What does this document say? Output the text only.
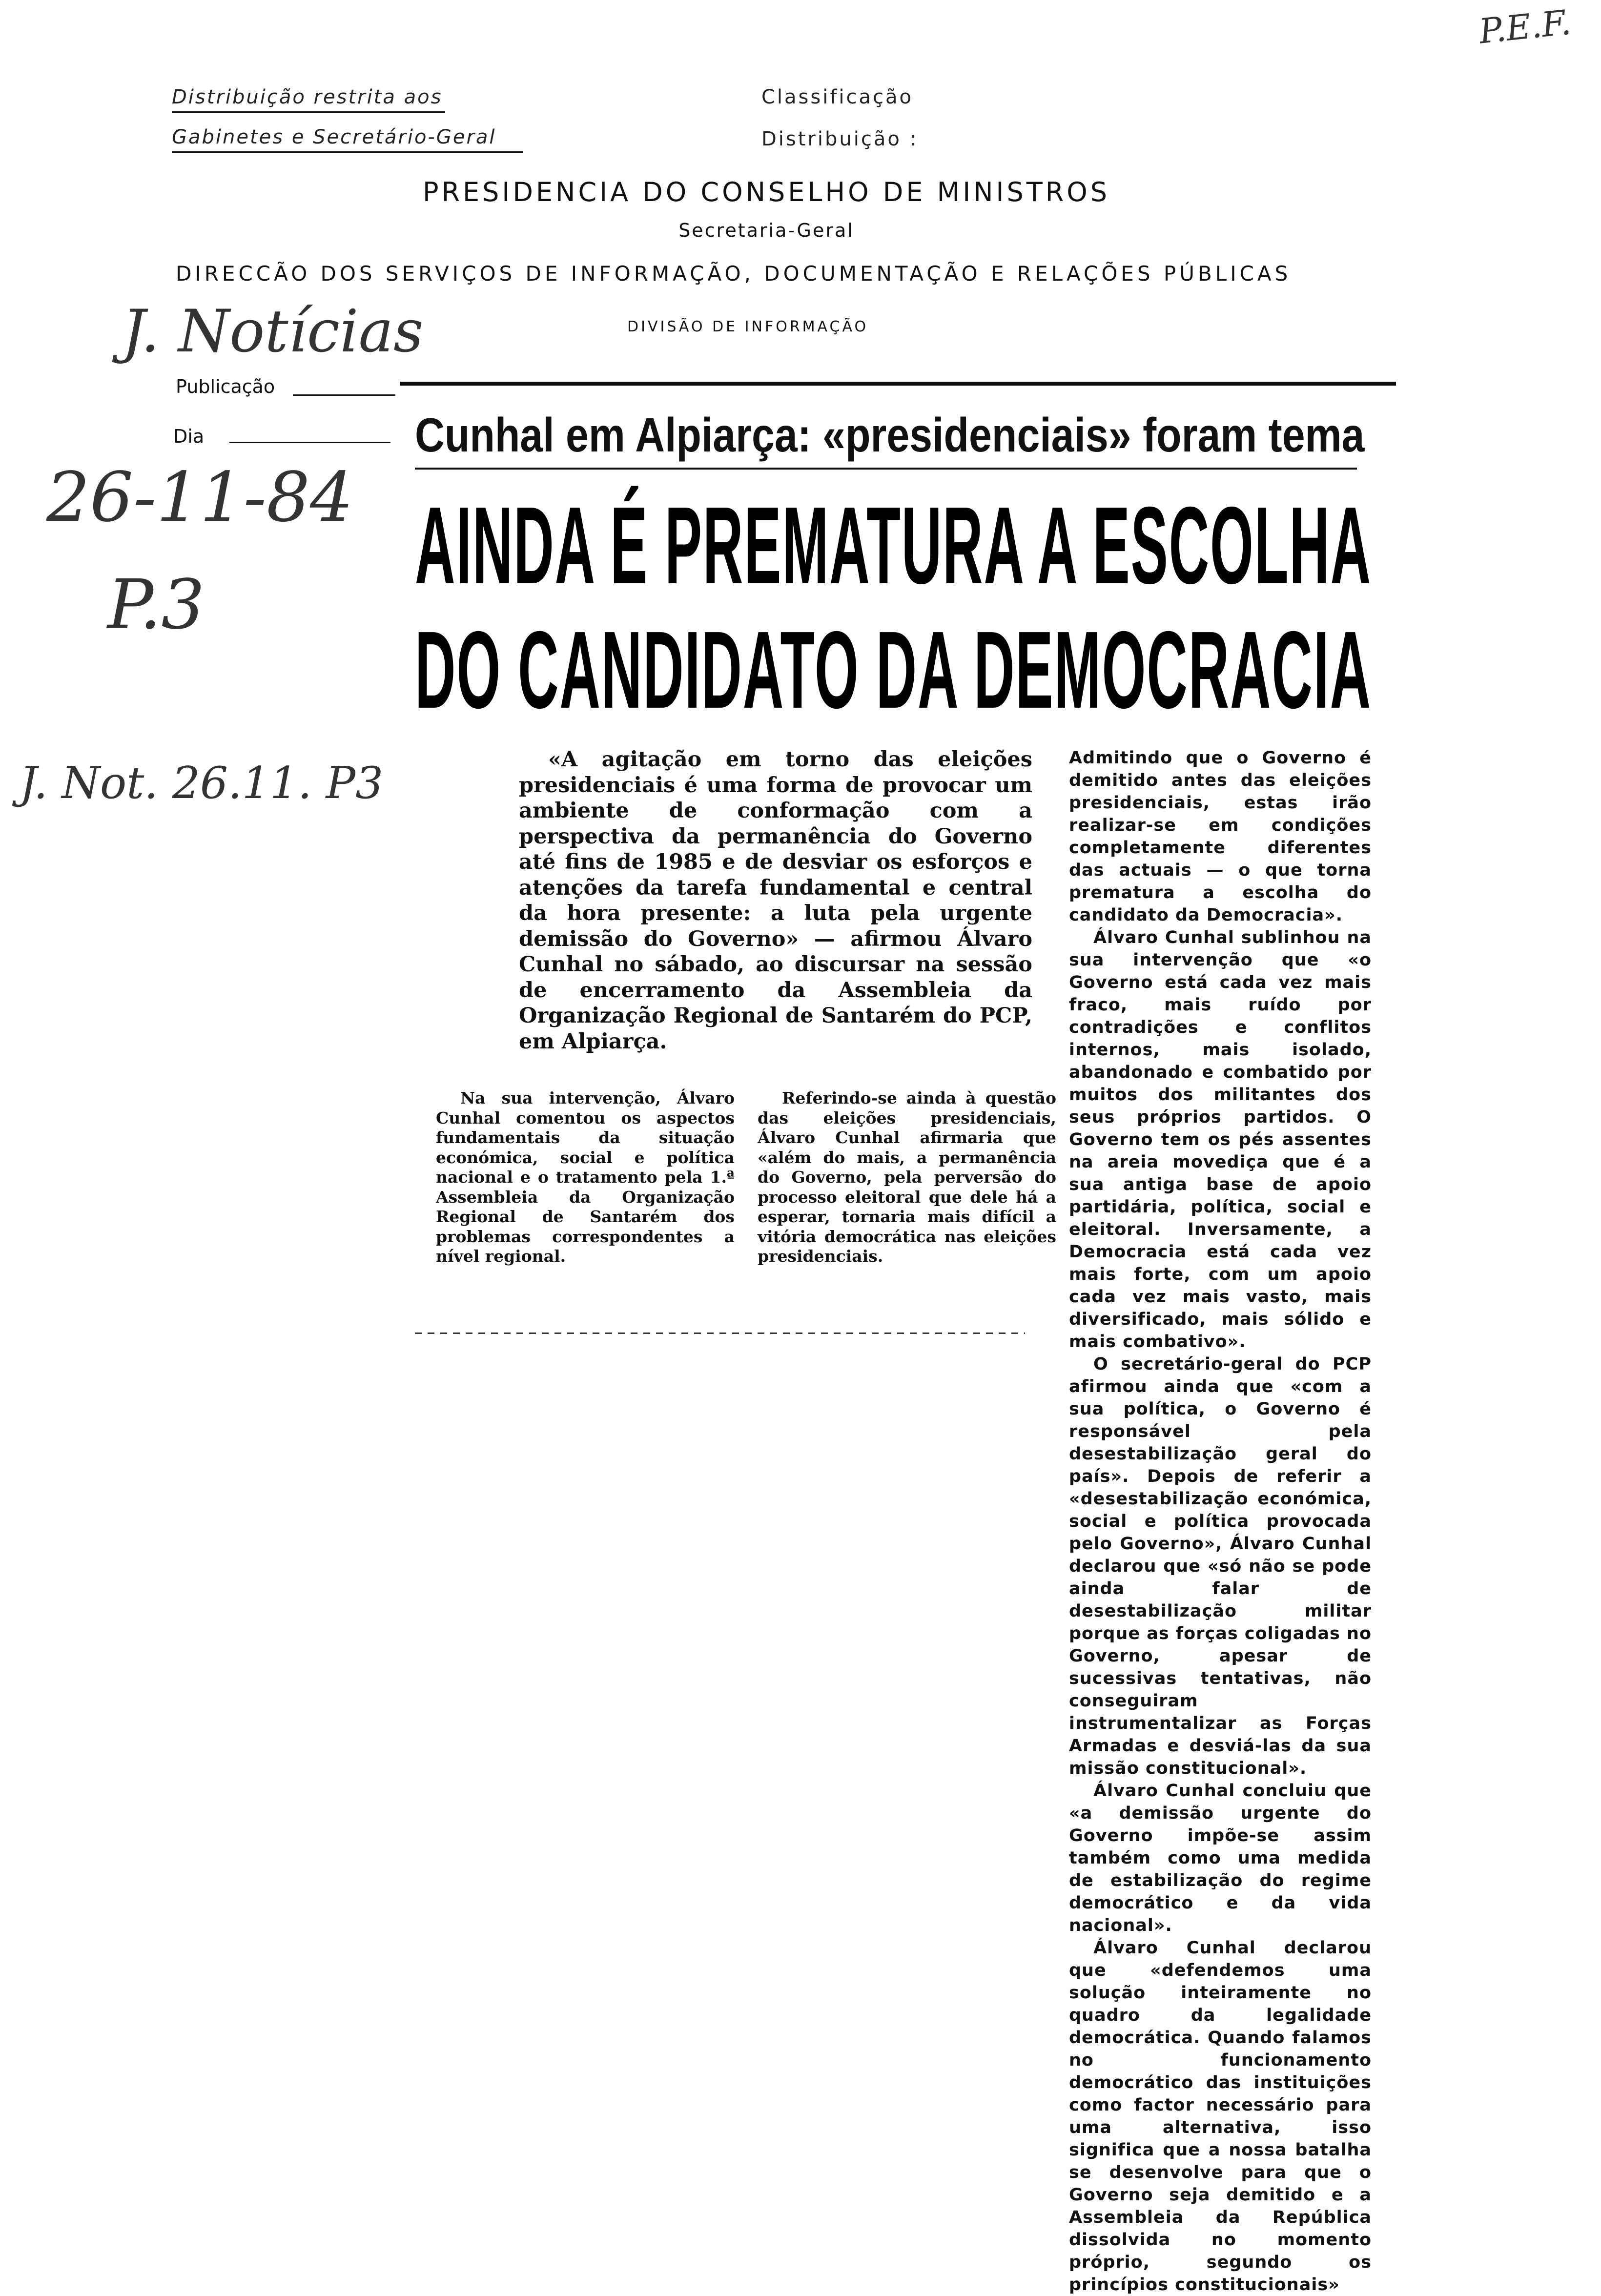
Distribuição restrita aos
Gabinetes e Secretário-Geral
Classificação
Distribuição :
P.E.F.
PRESIDENCIA DO CONSELHO DE MINISTROS
Secretaria-Geral
DIRECCÃO DOS SERVIÇOS DE INFORMAÇÃO, DOCUMENTAÇÃO E RELAÇÕES PÚBLICAS
DIVISÃO DE INFORMAÇÃO
J. Notícias
Publicação
Dia
26-11-84
P.3
J. Not. 26.11. P3
Cunhal em Alpiarça: «presidenciais» foram tema
AINDA É PREMATURA A ESCOLHA
DO CANDIDATO DA DEMOCRACIA
«A agitação em torno das eleições presidenciais é uma forma de provocar um ambiente de conformação com a perspectiva da permanência do Governo até fins de 1985 e de desviar os esforços e atenções da tarefa fundamental e central da hora presente: a luta pela urgente demissão do Governo» — afirmou Álvaro Cunhal no sábado, ao discursar na sessão de encerramento da Assembleia da Organização Regional de Santarém do PCP, em Alpiarça.
Na sua intervenção, Álvaro Cunhal comentou os aspectos fundamentais da situação económica, social e política nacional e o tratamento pela 1.ª Assembleia da Organização Regional de Santarém dos problemas correspondentes a nível regional.
Referindo-se ainda à questão das eleições presidenciais, Álvaro Cunhal afirmaria que «além do mais, a permanência do Governo, pela perversão do processo eleitoral que dele há a esperar, tornaria mais difícil a vitória democrática nas eleições presidenciais.

Admitindo que o Governo é demitido antes das eleições presidenciais, estas irão realizar-se em condições completamente diferentes das actuais — o que torna prematura a escolha do candidato da Democracia».

Álvaro Cunhal sublinhou na sua intervenção que «o Governo está cada vez mais fraco, mais ruído por contradições e conflitos internos, mais isolado, abandonado e combatido por muitos dos militantes dos seus próprios partidos. O Governo tem os pés assentes na areia movediça que é a sua antiga base de apoio partidária, política, social e eleitoral. Inversamente, a Democracia está cada vez mais forte, com um apoio cada vez mais vasto, mais diversificado, mais sólido e mais combativo».

O secretário-geral do PCP afirmou ainda que «com a sua política, o Governo é responsável pela desestabilização geral do país». Depois de referir a «desestabilização económica, social e política provocada pelo Governo», Álvaro Cunhal declarou que «só não se pode ainda falar de desestabilização militar porque as forças coligadas no Governo, apesar de sucessivas tentativas, não conseguiram instrumentalizar as Forças Armadas e desviá-las da sua missão constitucional».

Álvaro Cunhal concluiu que «a demissão urgente do Governo impõe-se assim também como uma medida de estabilização do regime democrático e da vida nacional».

Álvaro Cunhal declarou que «defendemos uma solução inteiramente no quadro da legalidade democrática. Quando falamos no funcionamento democrático das instituições como factor necessário para uma alternativa, isso significa que a nossa batalha se desenvolve para que o Governo seja demitido e a Assembleia da República dissolvida no momento próprio, segundo os princípios constitucionais»
